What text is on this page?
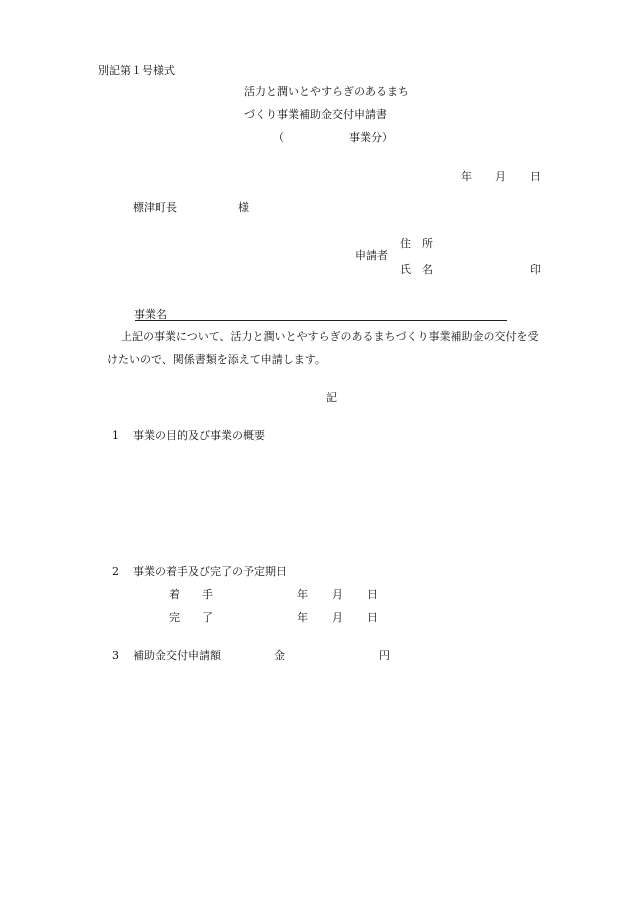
別記第１号様式
活力と潤いとやすらぎのあるまち
づくり事業補助金交付申請書
（	事業分）
年 月 日
標津町長	様
住　所
申請者
氏　名	印
事業名
上記の事業について、活力と潤いとやすらぎのあるまちづくり事業補助金の交付を受
けたいので、関係書類を添えて申請します。
記
1 事業の目的及び事業の概要
2 事業の着手及び完了の予定期日
着　　手	年 月 日
完　　了	年 月 日
3 補助金交付申請額	金	円
